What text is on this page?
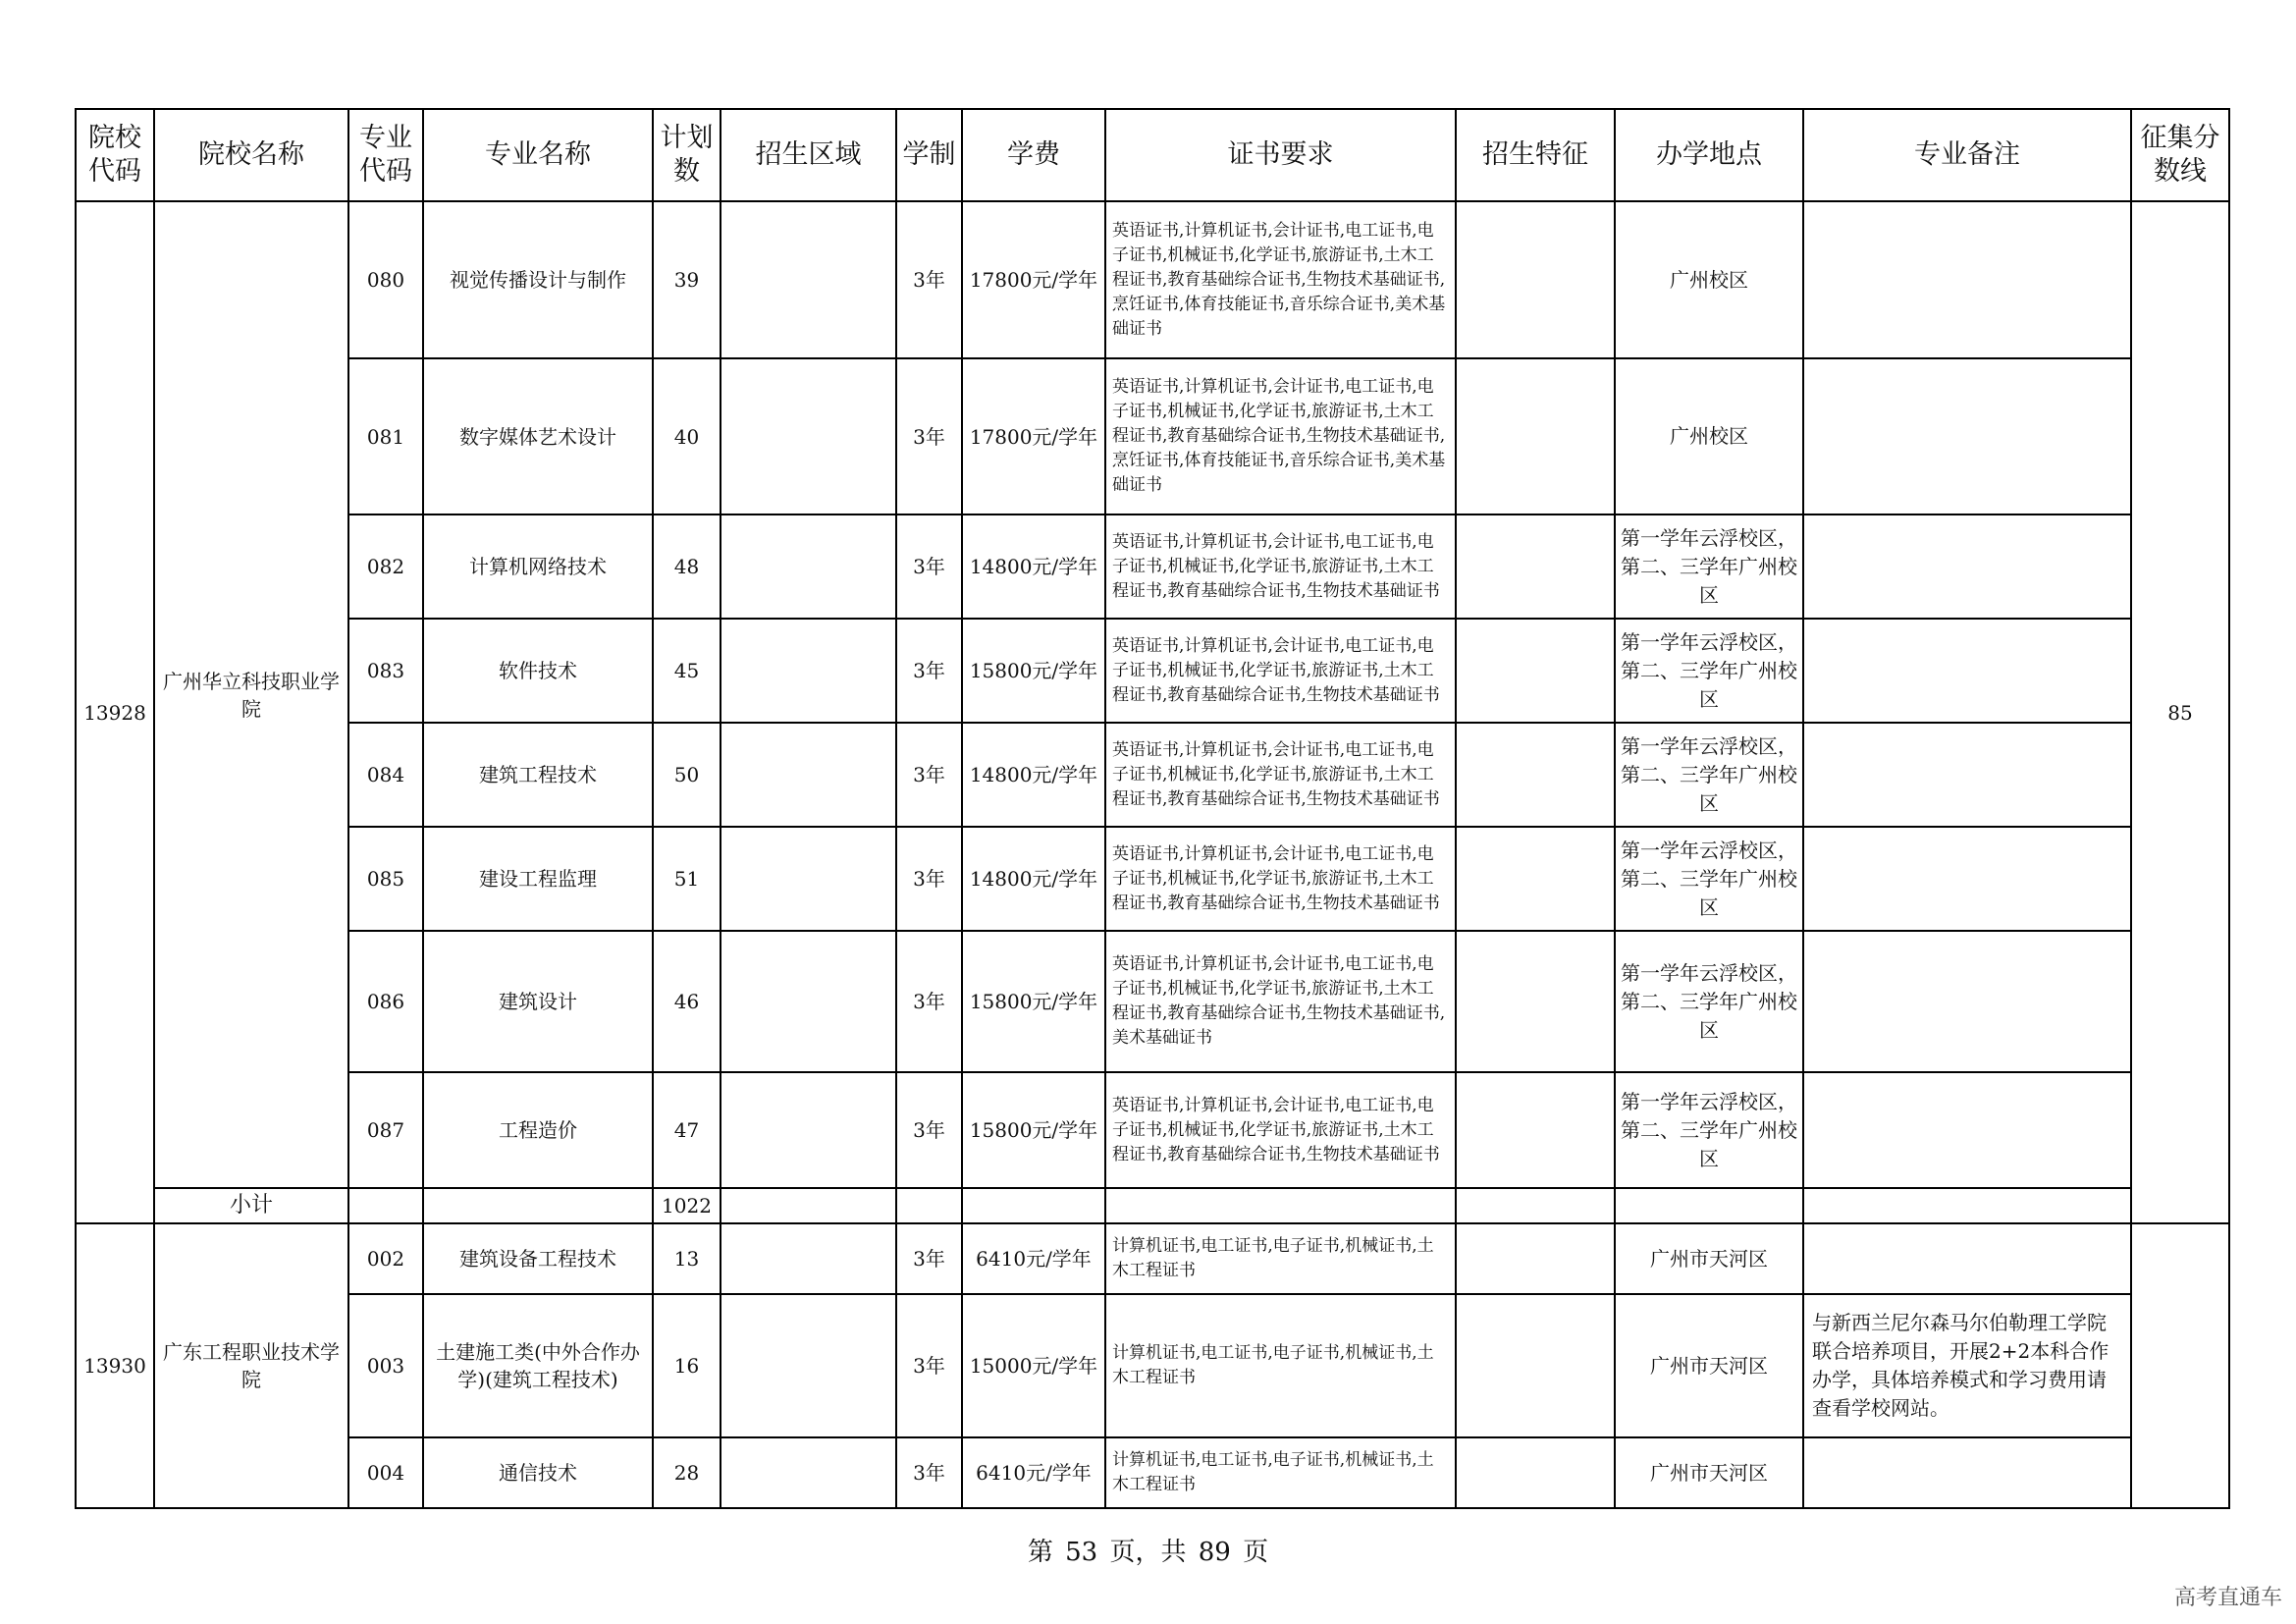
院校代码	院校名称	专业代码	专业名称	计划数	招生区域	学制	学费	证书要求	招生特征	办学地点	专业备注	征集分数线
13928	广州华立科技职业学院	080	视觉传播设计与制作	39		3年	17800元/学年	英语证书,计算机证书,会计证书,电工证书,电子证书,机械证书,化学证书,旅游证书,土木工程证书,教育基础综合证书,生物技术基础证书,烹饪证书,体育技能证书,音乐综合证书,美术基础证书		广州校区		85
		081	数字媒体艺术设计	40		3年	17800元/学年	英语证书,计算机证书,会计证书,电工证书,电子证书,机械证书,化学证书,旅游证书,土木工程证书,教育基础综合证书,生物技术基础证书,烹饪证书,体育技能证书,音乐综合证书,美术基础证书		广州校区		
		082	计算机网络技术	48		3年	14800元/学年	英语证书,计算机证书,会计证书,电工证书,电子证书,机械证书,化学证书,旅游证书,土木工程证书,教育基础综合证书,生物技术基础证书		第一学年云浮校区，第二、三学年广州校区		
		083	软件技术	45		3年	15800元/学年	英语证书,计算机证书,会计证书,电工证书,电子证书,机械证书,化学证书,旅游证书,土木工程证书,教育基础综合证书,生物技术基础证书		第一学年云浮校区，第二、三学年广州校区		
		084	建筑工程技术	50		3年	14800元/学年	英语证书,计算机证书,会计证书,电工证书,电子证书,机械证书,化学证书,旅游证书,土木工程证书,教育基础综合证书,生物技术基础证书		第一学年云浮校区，第二、三学年广州校区		
		085	建设工程监理	51		3年	14800元/学年	英语证书,计算机证书,会计证书,电工证书,电子证书,机械证书,化学证书,旅游证书,土木工程证书,教育基础综合证书,生物技术基础证书		第一学年云浮校区，第二、三学年广州校区		
		086	建筑设计	46		3年	15800元/学年	英语证书,计算机证书,会计证书,电工证书,电子证书,机械证书,化学证书,旅游证书,土木工程证书,教育基础综合证书,生物技术基础证书,美术基础证书		第一学年云浮校区，第二、三学年广州校区		
		087	工程造价	47		3年	15800元/学年	英语证书,计算机证书,会计证书,电工证书,电子证书,机械证书,化学证书,旅游证书,土木工程证书,教育基础综合证书,生物技术基础证书		第一学年云浮校区，第二、三学年广州校区		
	小计			1022								
13930	广东工程职业技术学院	002	建筑设备工程技术	13		3年	6410元/学年	计算机证书,电工证书,电子证书,机械证书,土木工程证书		广州市天河区		
		003	土建施工类(中外合作办学)(建筑工程技术)	16		3年	15000元/学年	计算机证书,电工证书,电子证书,机械证书,土木工程证书		广州市天河区	与新西兰尼尔森马尔伯勒理工学院联合培养项目，开展2+2本科合作办学，具体培养模式和学习费用请查看学校网站。	
		004	通信技术	28		3年	6410元/学年	计算机证书,电工证书,电子证书,机械证书,土木工程证书		广州市天河区		
第 53 页，共 89 页
高考直通车
